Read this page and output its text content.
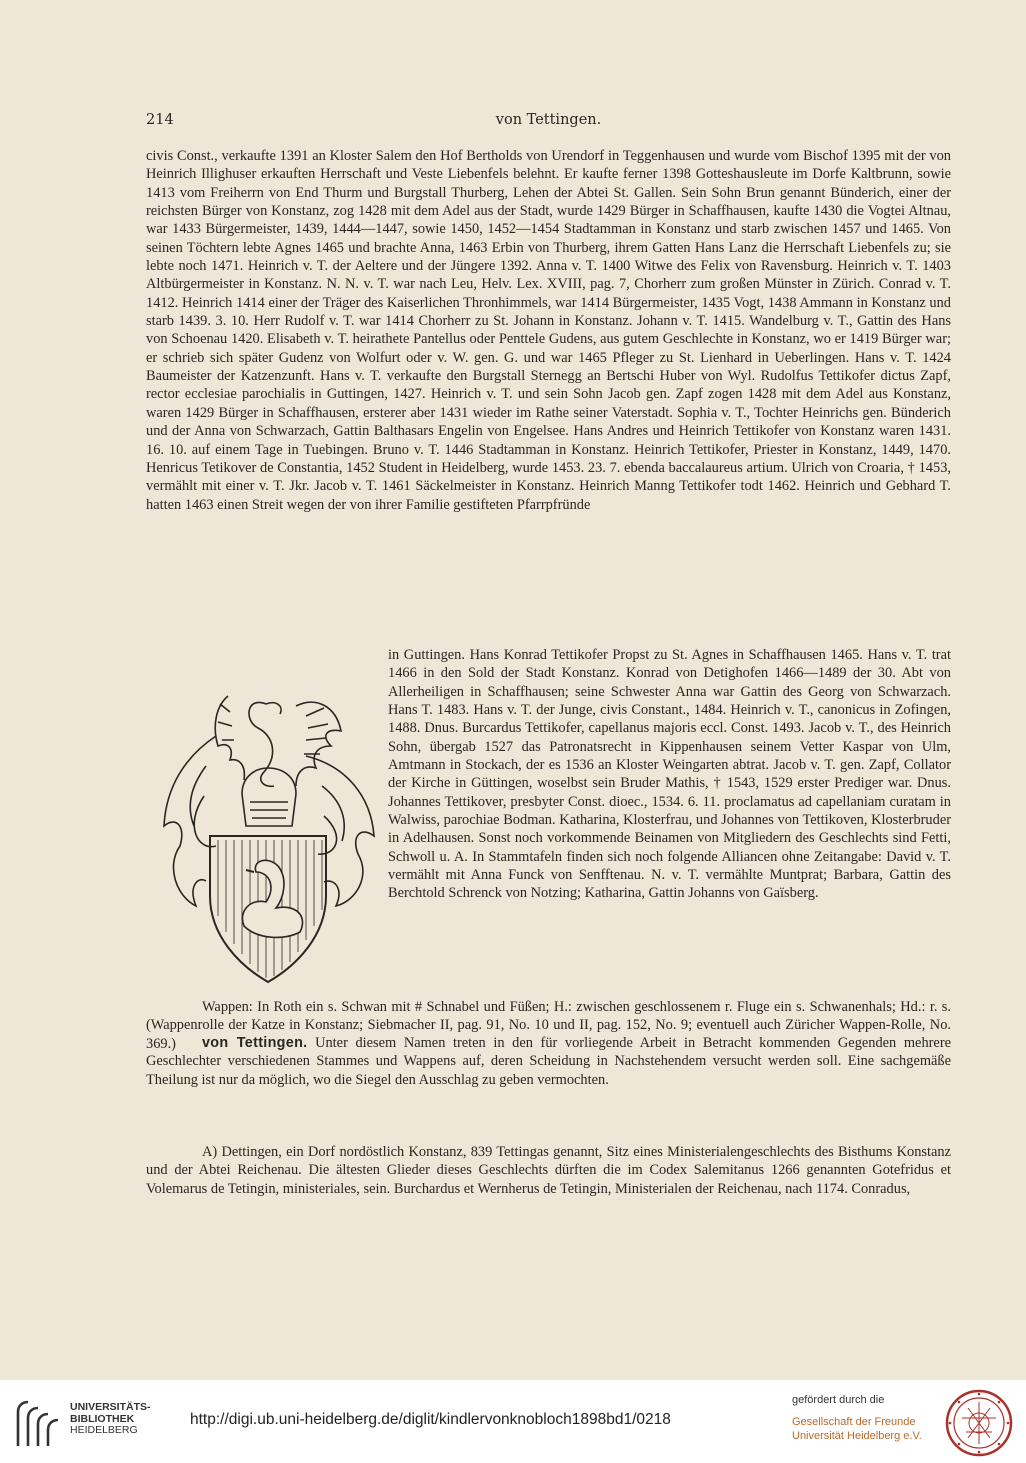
214	von Tettingen.

civis Const., verkaufte 1391 an Kloster Salem den Hof Bertholds von Urendorf in Teggenhausen und wurde vom Bischof 1395 mit der von Heinrich Illighuser erkauften Herrschaft und Veste Liebenfels belehnt. Er kaufte ferner 1398 Gotteshausleute im Dorfe Kaltbrunn, sowie 1413 vom Freiherrn von End Thurm und Burgstall Thurberg, Lehen der Abtei St. Gallen. Sein Sohn Brun genannt Bünderich, einer der reichsten Bürger von Konstanz, zog 1428 mit dem Adel aus der Stadt, wurde 1429 Bürger in Schaffhausen, kaufte 1430 die Vogtei Altnau, war 1433 Bürgermeister, 1439, 1444—1447, sowie 1450, 1452—1454 Stadtamman in Konstanz und starb zwischen 1457 und 1465. Von seinen Töchtern lebte Agnes 1465 und brachte Anna, 1463 Erbin von Thurberg, ihrem Gatten Hans Lanz die Herrschaft Liebenfels zu; sie lebte noch 1471. Heinrich v. T. der Aeltere und der Jüngere 1392. Anna v. T. 1400 Witwe des Felix von Ravensburg. Heinrich v. T. 1403 Altbürgermeister in Konstanz. N. N. v. T. war nach Leu, Helv. Lex. XVIII, pag. 7, Chorherr zum großen Münster in Zürich. Conrad v. T. 1412. Heinrich 1414 einer der Träger des Kaiserlichen Thronhimmels, war 1414 Bürgermeister, 1435 Vogt, 1438 Ammann in Konstanz und starb 1439. 3. 10. Herr Rudolf v. T. war 1414 Chorherr zu St. Johann in Konstanz. Johann v. T. 1415. Wandelburg v. T., Gattin des Hans von Schoenau 1420. Elisabeth v. T. heirathete Pantellus oder Penttele Gudens, aus gutem Geschlechte in Konstanz, wo er 1419 Bürger war; er schrieb sich später Gudenz von Wolfurt oder v. W. gen. G. und war 1465 Pfleger zu St. Lienhard in Ueberlingen. Hans v. T. 1424 Baumeister der Katzenzunft. Hans v. T. verkaufte den Burgstall Sternegg an Bertschi Huber von Wyl. Rudolfus Tettikofer dictus Zapf, rector ecclesiae parochialis in Guttingen, 1427. Heinrich v. T. und sein Sohn Jacob gen. Zapf zogen 1428 mit dem Adel aus Konstanz, waren 1429 Bürger in Schaffhausen, ersterer aber 1431 wieder im Rathe seiner Vaterstadt. Sophia v. T., Tochter Heinrichs gen. Bünderich und der Anna von Schwarzach, Gattin Balthasars Engelin von Engelsee. Hans Andres und Heinrich Tettikofer von Konstanz waren 1431. 16. 10. auf einem Tage in Tuebingen. Bruno v. T. 1446 Stadtamman in Konstanz. Heinrich Tettikofer, Priester in Konstanz, 1449, 1470. Henricus Tetikover de Constantia, 1452 Student in Heidelberg, wurde 1453. 23. 7. ebenda baccalaureus artium. Ulrich von Croaria, † 1453, vermählt mit einer v. T. Jkr. Jacob v. T. 1461 Säckelmeister in Konstanz. Heinrich Manng Tettikofer todt 1462. Heinrich und Gebhard T. hatten 1463 einen Streit wegen der von ihrer Familie gestifteten Pfarrpfründe

in Guttingen. Hans Konrad Tettikofer Propst zu St. Agnes in Schaffhausen 1465. Hans v. T. trat 1466 in den Sold der Stadt Konstanz. Konrad von Detighofen 1466—1489 der 30. Abt von Allerheiligen in Schaffhausen; seine Schwester Anna war Gattin des Georg von Schwarzach. Hans T. 1483. Hans v. T. der Junge, civis Constant., 1484. Heinrich v. T., canonicus in Zofingen, 1488. Dnus. Burcardus Tettikofer, capellanus majoris eccl. Const. 1493. Jacob v. T., des Heinrich Sohn, übergab 1527 das Patronatsrecht in Kippenhausen seinem Vetter Kaspar von Ulm, Amtmann in Stockach, der es 1536 an Kloster Weingarten abtrat. Jacob v. T. gen. Zapf, Collator der Kirche in Güttingen, woselbst sein Bruder Mathis, † 1543, 1529 erster Prediger war. Dnus. Johannes Tettikover, presbyter Const. dioec., 1534. 6. 11. proclamatus ad capellaniam curatam in Walwiss, parochiae Bodman. Katharina, Klosterfrau, und Johannes von Tettikoven, Klosterbruder in Adelhausen. Sonst noch vorkommende Beinamen von Mitgliedern des Geschlechts sind Fetti, Schwoll u. A. In Stammtafeln finden sich noch folgende Alliancen ohne Zeitangabe: David v. T. vermählt mit Anna Funck von Senfftenau. N. v. T. vermählte Muntprat; Barbara, Gattin des Berchtold Schrenck von Notzing; Katharina, Gattin Johanns von Gaïsberg.

Wappen: In Roth ein s. Schwan mit # Schnabel und Füßen; H.: zwischen geschlossenem r. Fluge ein s. Schwanenhals; Hd.: r. s. (Wappenrolle der Katze in Konstanz; Siebmacher II, pag. 91, No. 10 und II, pag. 152, No. 9; eventuell auch Züricher Wappen-Rolle, No. 369.)	von Tettingen. Unter diesem Namen treten in den für vorliegende Arbeit in Betracht kommenden Gegenden mehrere Geschlechter verschiedenen Stammes und Wappens auf, deren Scheidung in Nachstehendem versucht werden soll. Eine sachgemäße Theilung ist nur da möglich, wo die Siegel den Ausschlag zu geben vermochten.

A) Dettingen, ein Dorf nordöstlich Konstanz, 839 Tettingas genannt, Sitz eines Ministerialengeschlechts des Bisthums Konstanz und der Abtei Reichenau. Die ältesten Glieder dieses Geschlechts dürften die im Codex Salemitanus 1266 genannten Gotefridus et Volemarus de Tetingin, ministeriales, sein. Burchardus et Wernherus de Tetingin, Ministerialen der Reichenau, nach 1174. Conradus,

UNIVERSITÄTS-
BIBLIOTHEK
HEIDELBERG
http://digi.ub.uni-heidelberg.de/diglit/kindlervonknobloch1898bd1/0218
gefördert durch die
Gesellschaft der Freunde
Universität Heidelberg e.V.
